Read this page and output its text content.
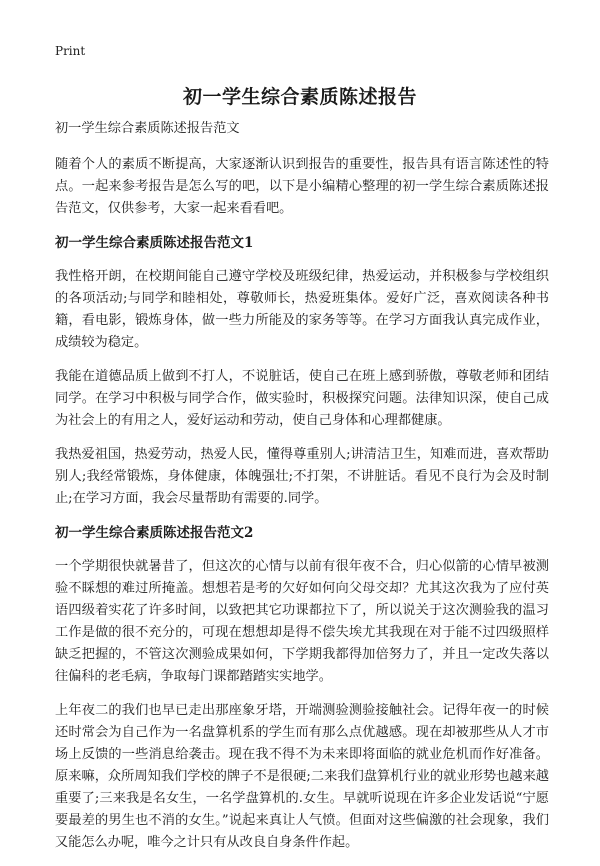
Print
初一学生综合素质陈述报告

初一学生综合素质陈述报告范文

随着个人的素质不断提高，大家逐渐认识到报告的重要性，报告具有语言陈述性的特点。一起来参考报告是怎么写的吧，以下是小编精心整理的初一学生综合素质陈述报告范文，仅供参考，大家一起来看看吧。

初一学生综合素质陈述报告范文1

我性格开朗，在校期间能自己遵守学校及班级纪律，热爱运动，并积极参与学校组织的各项活动;与同学和睦相处，尊敬师长，热爱班集体。爱好广泛，喜欢阅读各种书籍，看电影，锻炼身体，做一些力所能及的家务等等。在学习方面我认真完成作业，成绩较为稳定。

我能在道德品质上做到不打人，不说脏话，使自己在班上感到骄傲，尊敬老师和团结同学。在学习中积极与同学合作，做实验时，积极探究问题。法律知识深，使自己成为社会上的有用之人，爱好运动和劳动，使自己身体和心理都健康。

我热爱祖国，热爱劳动，热爱人民，懂得尊重别人;讲清洁卫生，知难而进，喜欢帮助别人;我经常锻炼，身体健康，体魄强壮;不打架，不讲脏话。看见不良行为会及时制止;在学习方面，我会尽量帮助有需要的.同学。

初一学生综合素质陈述报告范文2

一个学期很快就暑昔了，但这次的心情与以前有很年夜不合，归心似箭的心情早被测验不睬想的难过所掩盖。想想若是考的欠好如何向父母交却？尤其这次我为了应付英语四级着实花了许多时间，以致把其它功课都拉下了，所以说关于这次测验我的温习工作是做的很不充分的，可现在想想却是得不偿失埃尤其我现在对于能不过四级照样缺乏把握的，不管这次测验成果如何，下学期我都得加倍努力了，并且一定改失落以往偏科的老毛病，争取每门课都踏踏实实地学。

上年夜二的我们也早已走出那座象牙塔，开端测验测验接触社会。记得年夜一的时候还时常会为自己作为一名盘算机系的学生而有那么点优越感。现在却被那些从人才市场上反馈的一些消息给袭击。现在我不得不为未来即将面临的就业危机而作好准备。原来嘛，众所周知我们学校的牌子不是很硬;二来我们盘算机行业的就业形势也越来越重要了;三来我是名女生，一名学盘算机的.女生。早就听说现在许多企业发话说“宁愿要最差的男生也不消的女生。”说起来真让人气愤。但面对这些偏激的社会现象，我们又能怎么办呢，唯今之计只有从改良自身条件作起。
